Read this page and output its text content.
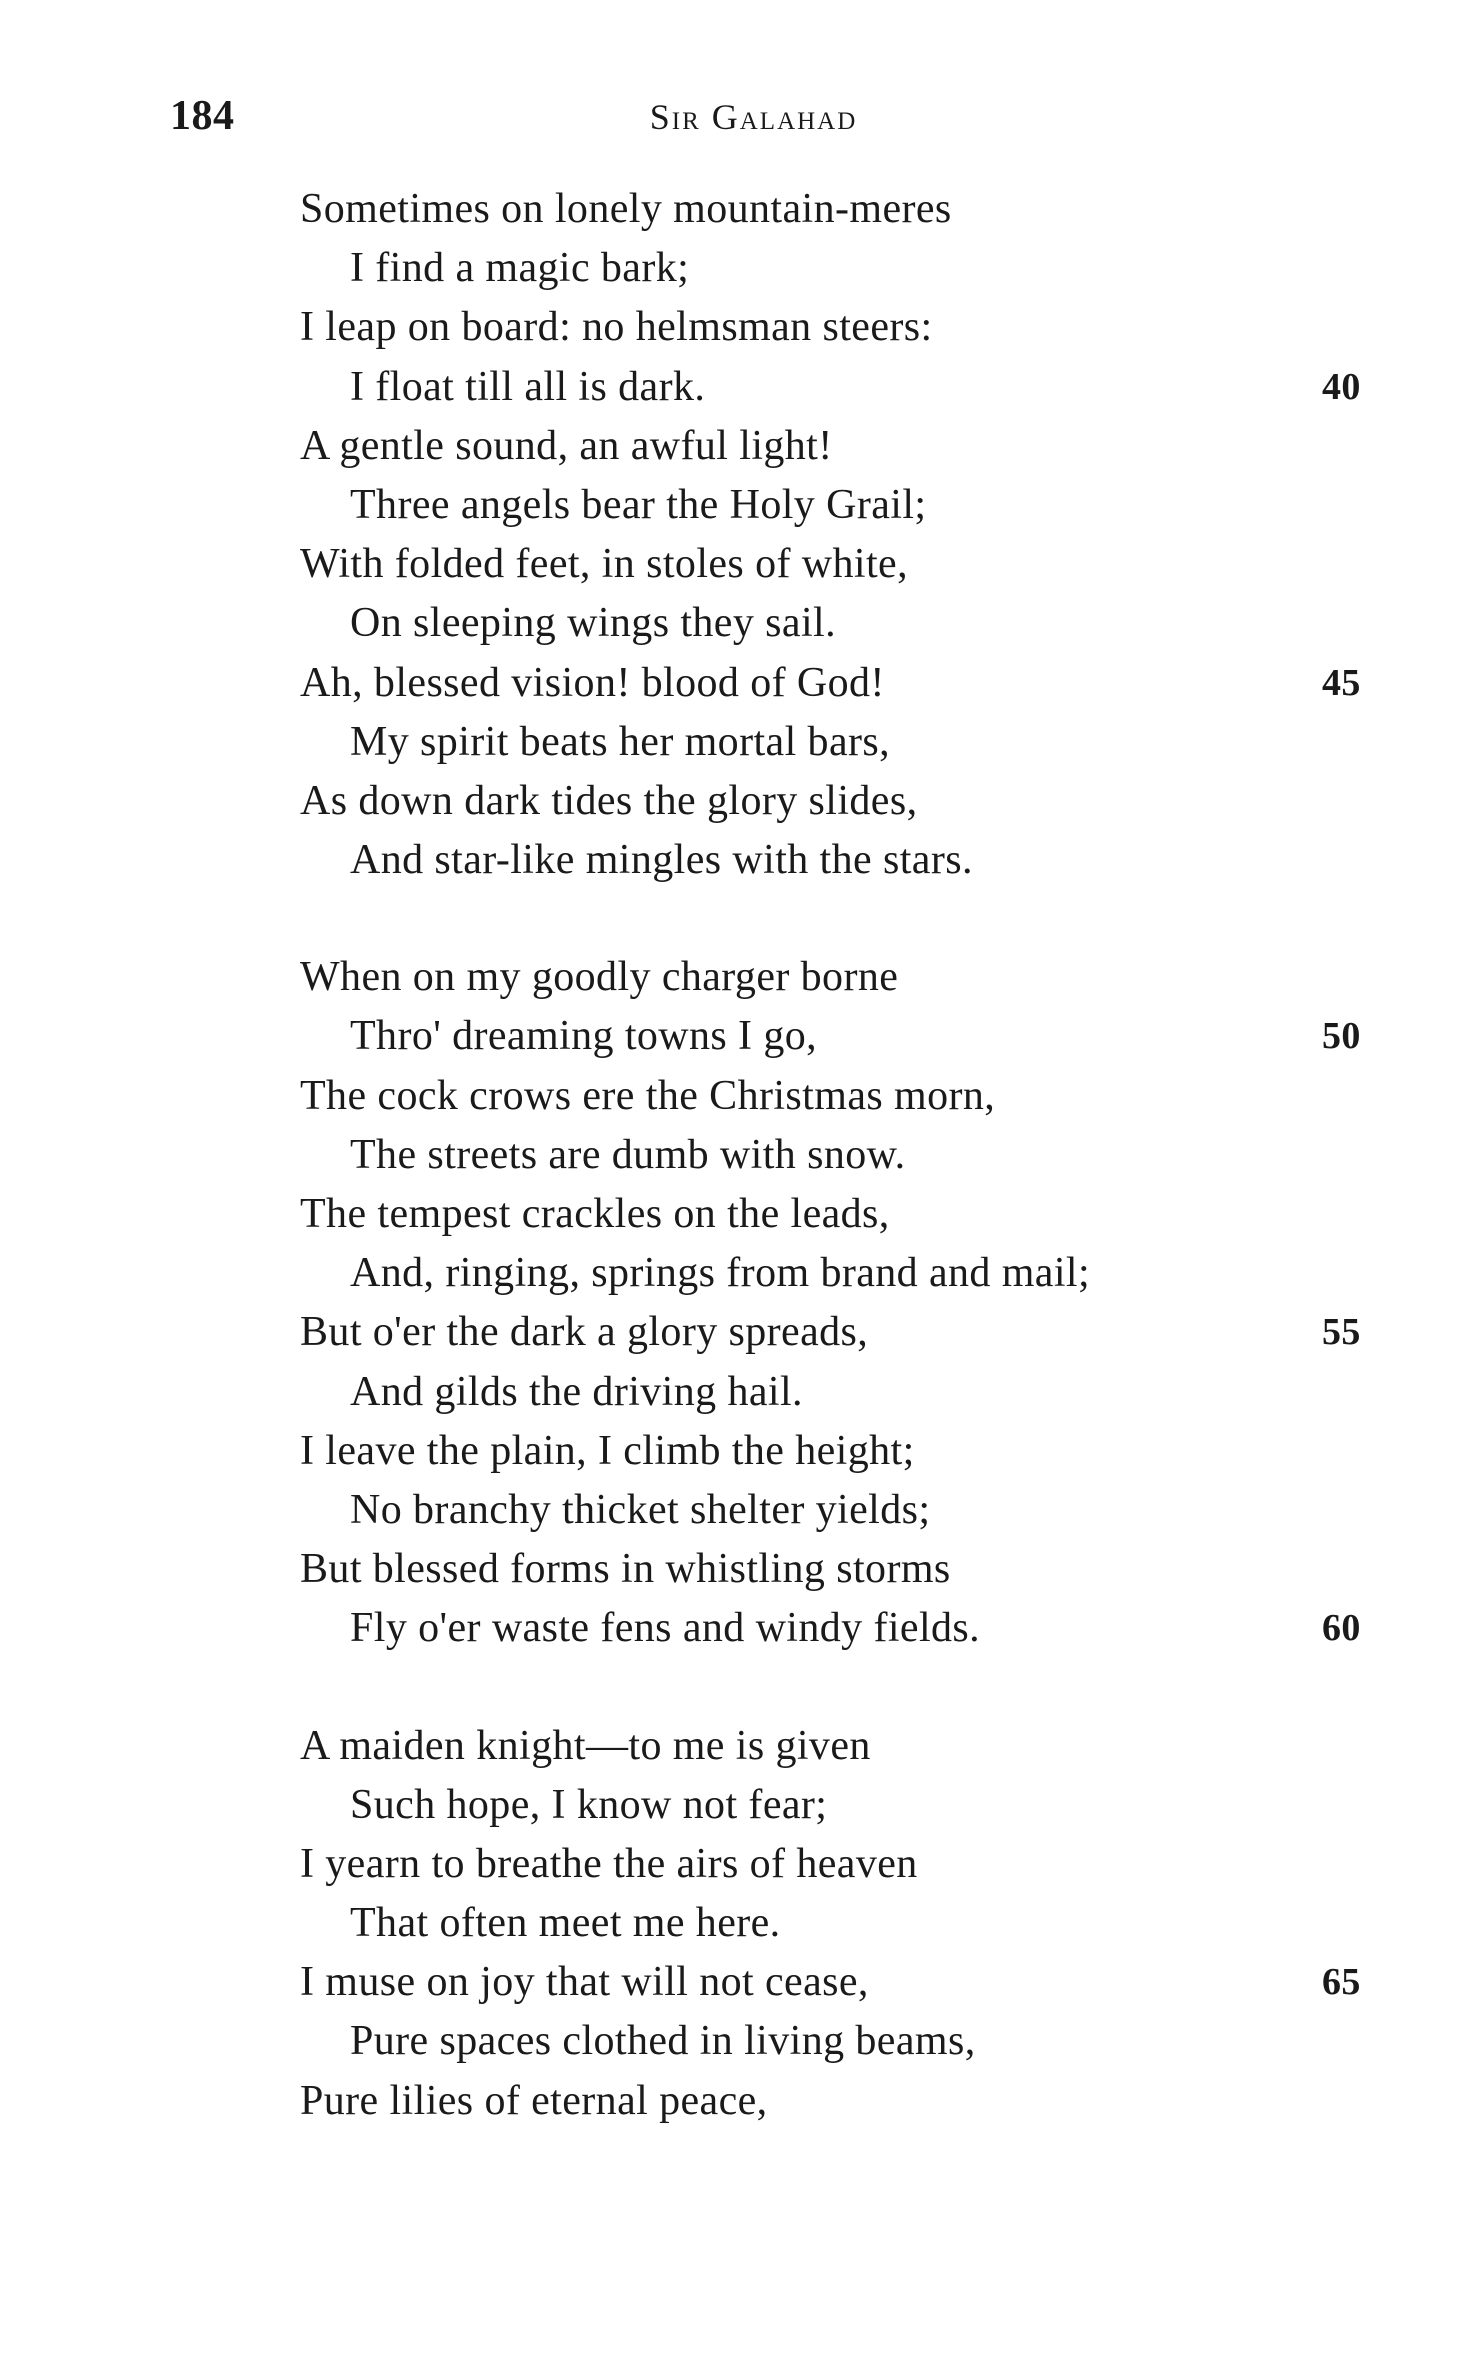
184	Sir Galahad
Sometimes on lonely mountain-meres
I find a magic bark;
I leap on board: no helmsman steers:
I float till all is dark.	40
A gentle sound, an awful light!
Three angels bear the Holy Grail;
With folded feet, in stoles of white,
On sleeping wings they sail.
Ah, blessed vision! blood of God!	45
My spirit beats her mortal bars,
As down dark tides the glory slides,
And star-like mingles with the stars.
When on my goodly charger borne
Thro' dreaming towns I go,	50
The cock crows ere the Christmas morn,
The streets are dumb with snow.
The tempest crackles on the leads,
And, ringing, springs from brand and mail;
But o'er the dark a glory spreads,	55
And gilds the driving hail.
I leave the plain, I climb the height;
No branchy thicket shelter yields;
But blessed forms in whistling storms
Fly o'er waste fens and windy fields.	60
A maiden knight—to me is given
Such hope, I know not fear;
I yearn to breathe the airs of heaven
That often meet me here.
I muse on joy that will not cease,	65
Pure spaces clothed in living beams,
Pure lilies of eternal peace,
